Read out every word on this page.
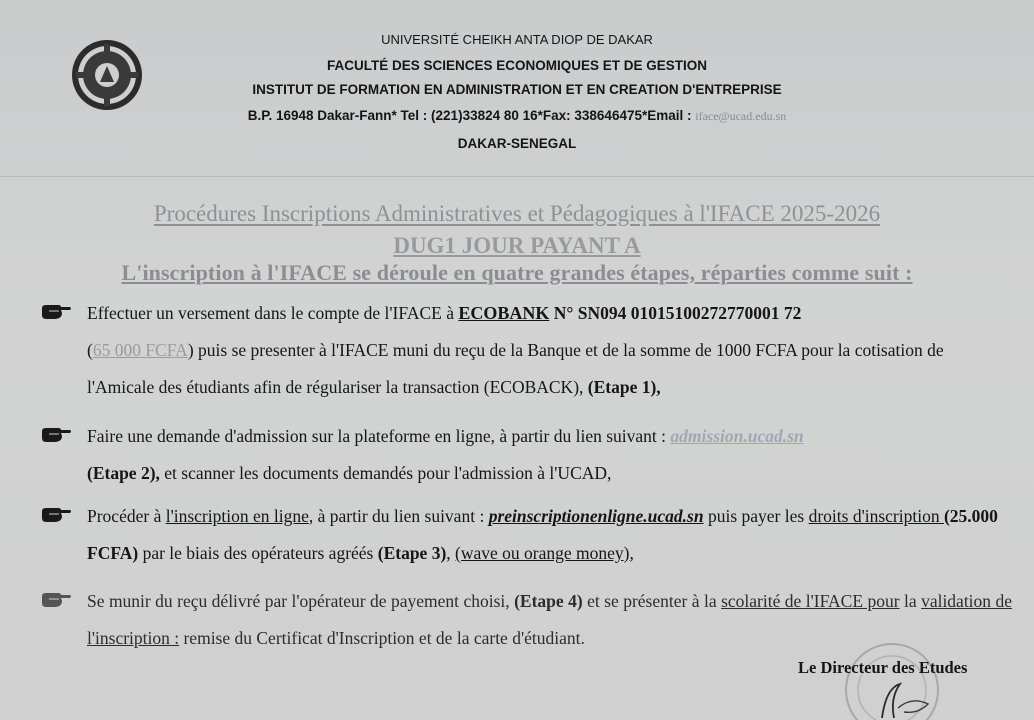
UNIVERSITÉ CHEIKH ANTA DIOP DE DAKAR
FACULTÉ DES SCIENCES ECONOMIQUES ET DE GESTION
INSTITUT DE FORMATION EN ADMINISTRATION ET EN CREATION D'ENTREPRISE
B.P. 16948 Dakar-Fann* Tel : (221)33824 80 16*Fax: 338646475*Email : iface@ucad.edu.sn
DAKAR-SENEGAL
Procédures Inscriptions Administratives et Pédagogiques à l'IFACE 2025-2026
DUG1 JOUR PAYANT A
L'inscription à l'IFACE se déroule en quatre grandes étapes, réparties comme suit :
Effectuer un versement dans le compte de l'IFACE à ECOBANK N° SN094 01015100272770001 72
(65 000 FCFA) puis se presenter à l'IFACE muni du reçu de la Banque et de la somme de 1000 FCFA pour la cotisation de l'Amicale des étudiants afin de régulariser la transaction (ECOBACK), (Etape 1),
Faire une demande d'admission sur la plateforme en ligne, à partir du lien suivant : admission.ucad.sn
(Etape 2), et scanner les documents demandés pour l'admission à l'UCAD,
Procéder à l'inscription en ligne, à partir du lien suivant : preinscriptionenligne.ucad.sn puis payer les droits d'inscription (25.000 FCFA) par le biais des opérateurs agréés (Etape 3), (wave ou orange money),
Se munir du reçu délivré par l'opérateur de payement choisi, (Etape 4) et se présenter à la scolarité de l'IFACE pour la validation de l'inscription : remise du Certificat d'Inscription et de la carte d'étudiant.
Le Directeur des Etudes
